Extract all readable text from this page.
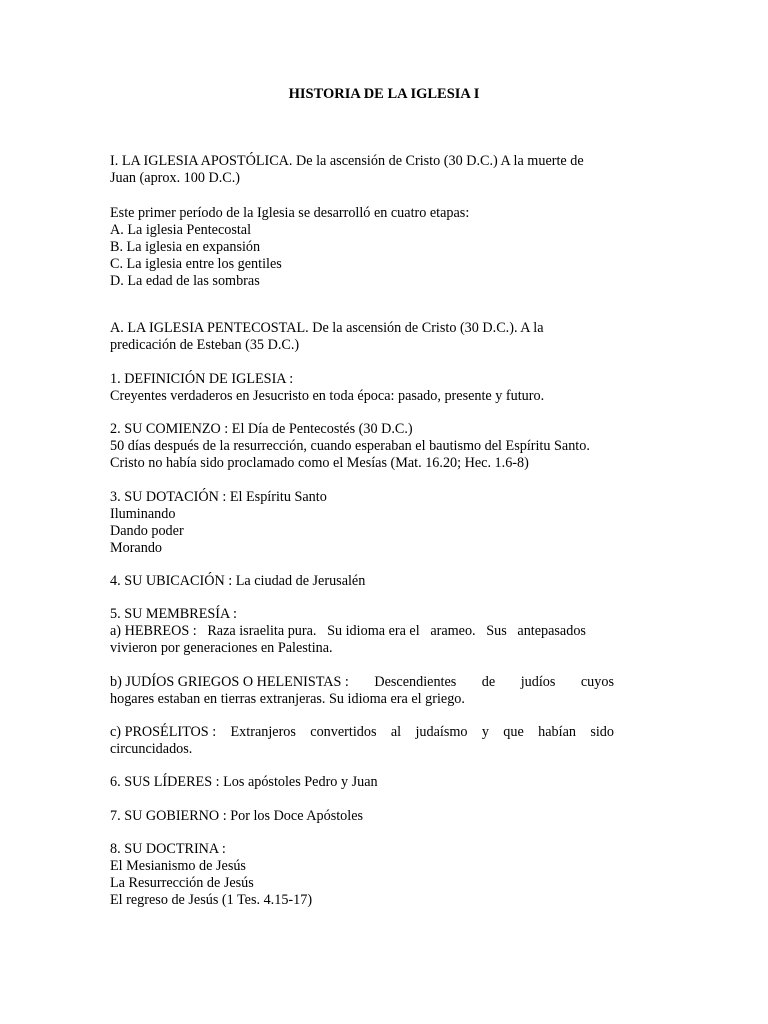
HISTORIA DE LA IGLESIA I
I. LA IGLESIA APOSTÓLICA. De la ascensión de Cristo (30 D.C.) A la muerte de
Juan (aprox. 100 D.C.)
Este primer período de la Iglesia se desarrolló en cuatro etapas:
A. La iglesia Pentecostal
B. La iglesia en expansión
C. La iglesia entre los gentiles
D. La edad de las sombras
A. LA IGLESIA PENTECOSTAL. De la ascensión de Cristo (30 D.C.). A la
predicación de Esteban (35 D.C.)
1. DEFINICIÓN DE IGLESIA :
Creyentes verdaderos en Jesucristo en toda época: pasado, presente y futuro.
2. SU COMIENZO : El Día de Pentecostés (30 D.C.)
50 días después de la resurrección, cuando esperaban el bautismo del Espíritu Santo.
Cristo no había sido proclamado como el Mesías (Mat. 16.20; Hec. 1.6-8)
3. SU DOTACIÓN : El Espíritu Santo
Iluminando
Dando poder
Morando
4. SU UBICACIÓN : La ciudad de Jerusalén
5. SU MEMBRESÍA :
a) HEBREOS :   Raza israelita pura.   Su idioma era el   arameo.   Sus   antepasados
vivieron por generaciones en Palestina.
b) JUDÍOS GRIEGOS O HELENISTAS : Descendientes de judíos cuyos
hogares estaban en tierras extranjeras. Su idioma era el griego.
c) PROSÉLITOS : Extranjeros convertidos al judaísmo y que habían sido
circuncidados.
6. SUS LÍDERES : Los apóstoles Pedro y Juan
7. SU GOBIERNO : Por los Doce Apóstoles
8. SU DOCTRINA :
El Mesianismo de Jesús
La Resurrección de Jesús
El regreso de Jesús (1 Tes. 4.15-17)
